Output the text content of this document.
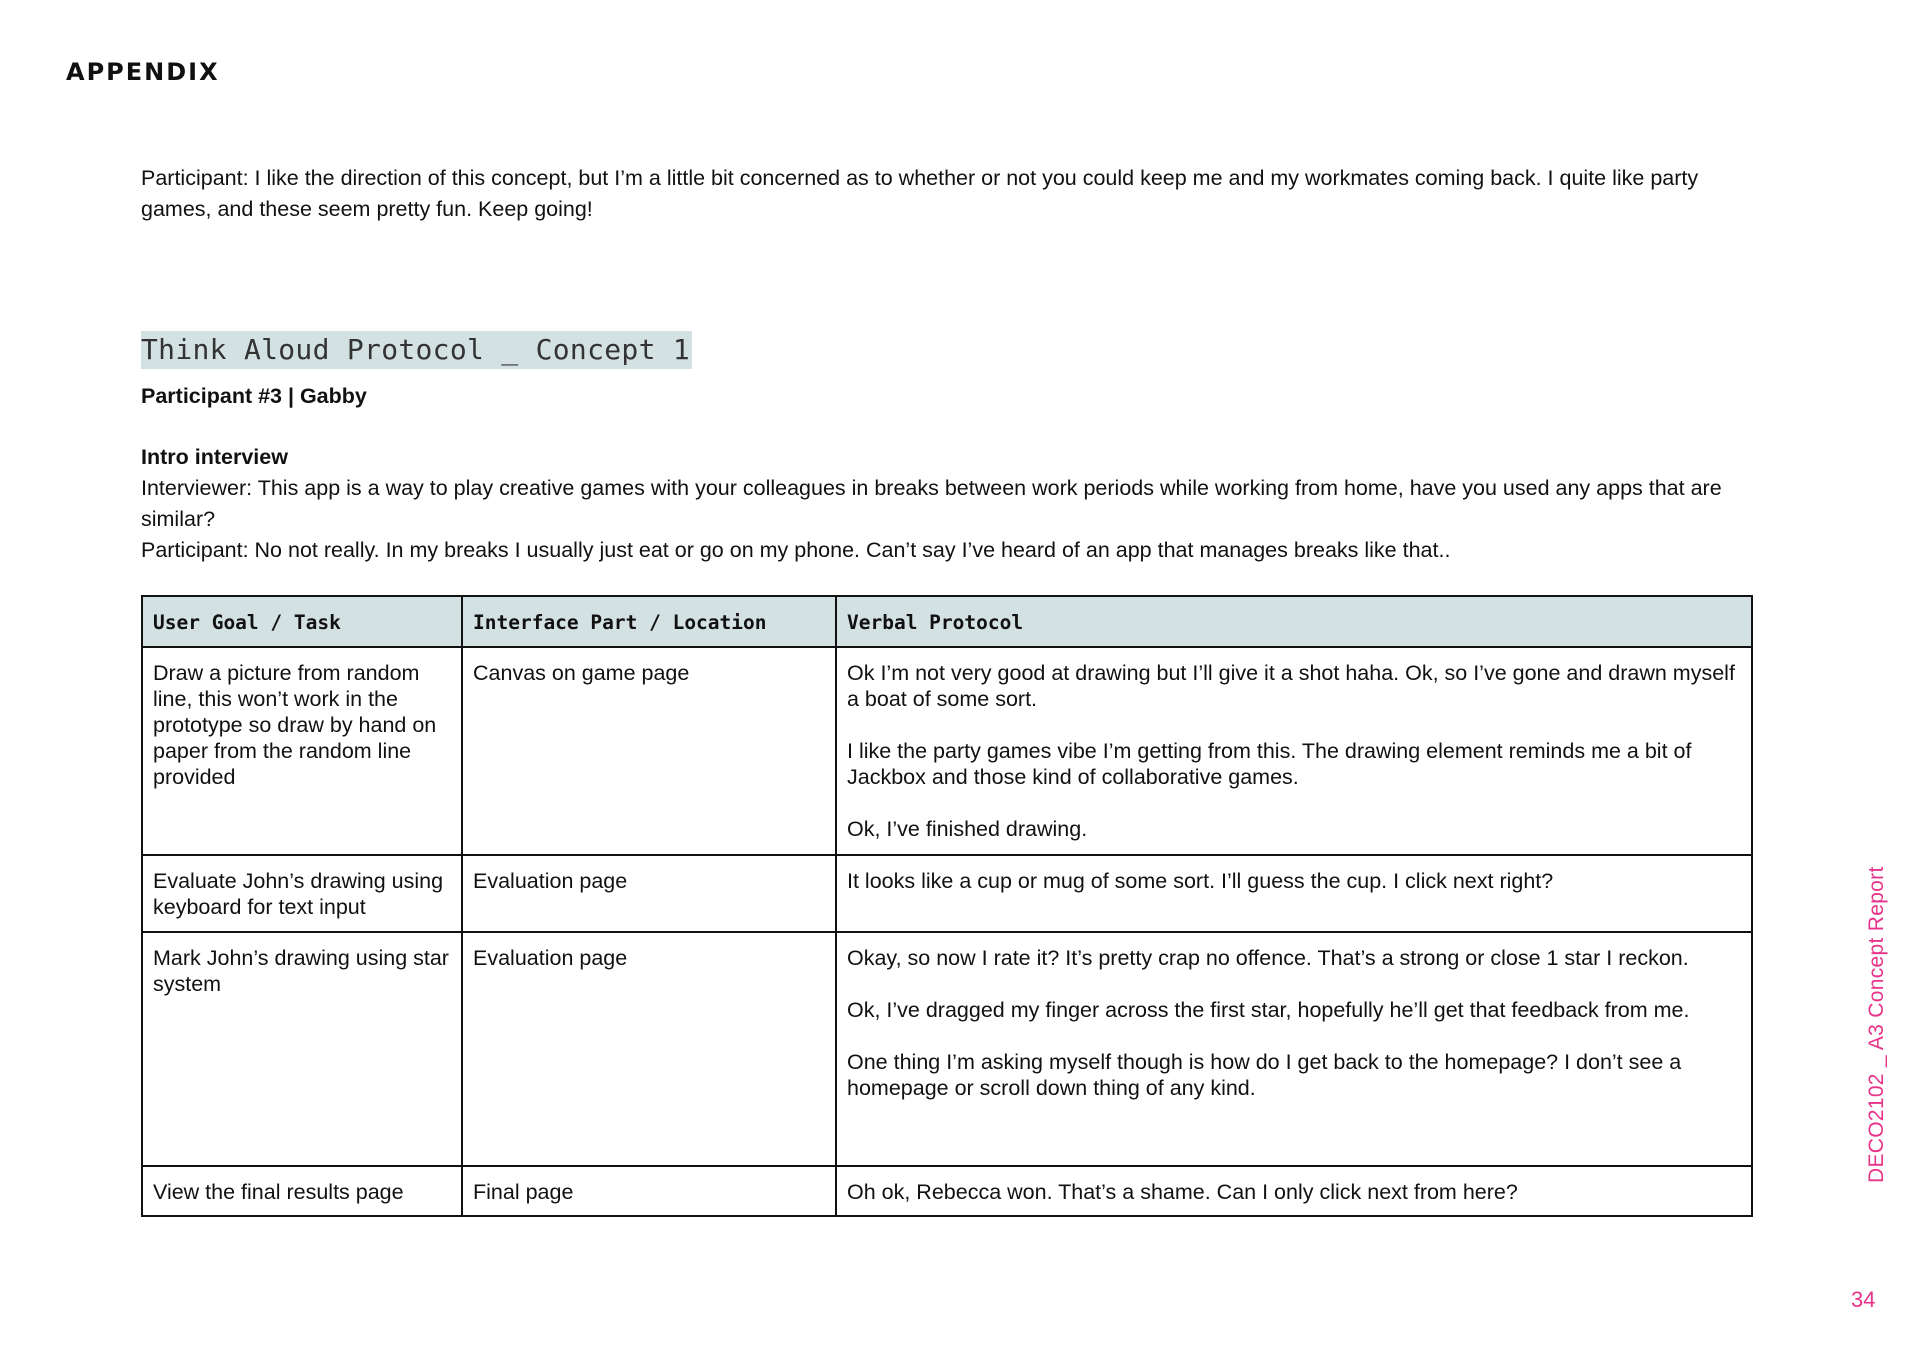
APPENDIX

Participant: I like the direction of this concept, but I’m a little bit concerned as to whether or not you could keep me and my workmates coming back. I quite like party games, and these seem pretty fun. Keep going!

Think Aloud Protocol _ Concept 1

Participant #3 | Gabby

Intro interview

Interviewer: This app is a way to play creative games with your colleagues in breaks between work periods while working from home, have you used any apps that are similar?

Participant: No not really. In my breaks I usually just eat or go on my phone. Can’t say I’ve heard of an app that manages breaks like that..

User Goal / Task	Interface Part / Location	Verbal Protocol
Draw a picture from random line, this won’t work in the prototype so draw by hand on paper from the random line provided	Canvas on game page	Ok I’m not very good at drawing but I’ll give it a shot haha. Ok, so I’ve gone and drawn myself a boat of some sort.

I like the party games vibe I’m getting from this. The drawing element reminds me a bit of Jackbox and those kind of collaborative games.

Ok, I’ve finished drawing.

Evaluate John’s drawing using keyboard for text input	Evaluation page	It looks like a cup or mug of some sort. I’ll guess the cup. I click next right?

Mark John’s drawing using star system	Evaluation page	Okay, so now I rate it? It’s pretty crap no offence. That’s a strong or close 1 star I reckon.

Ok, I’ve dragged my finger across the first star, hopefully he’ll get that feedback from me.

One thing I’m asking myself though is how do I get back to the homepage? I don’t see a homepage or scroll down thing of any kind.

View the final results page	Final page	Oh ok, Rebecca won. That’s a shame. Can I only click next from here?

DECO2102 _ A3 Concept Report
34
